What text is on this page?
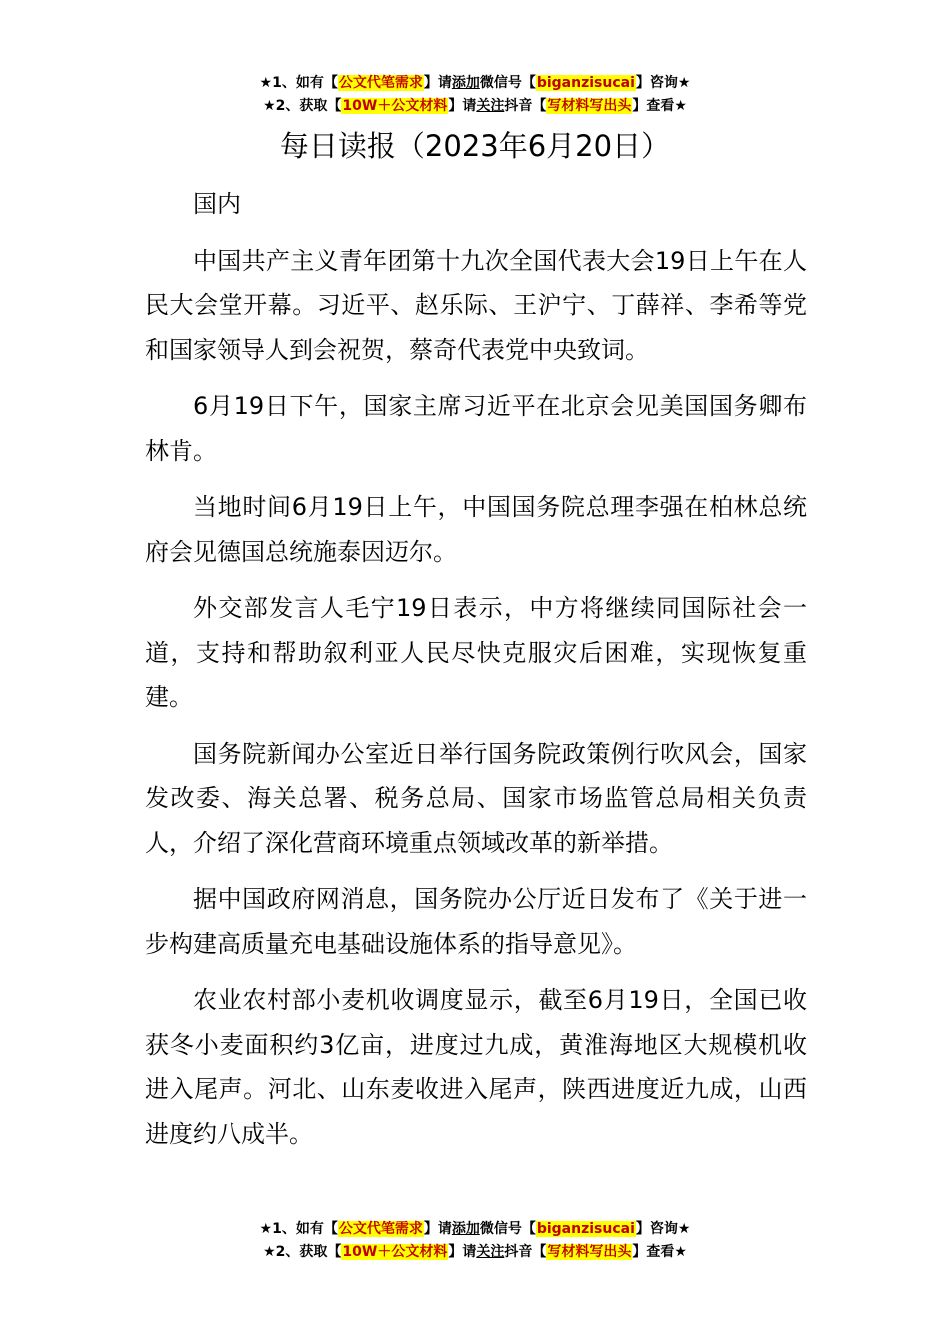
★1、如有【公文代笔需求】请添加微信号【biganzisucai】咨询★
★2、获取【10W＋公文材料】请关注抖音【写材料写出头】查看★
每日读报（2023年6月20日）

国内

中国共产主义青年团第十九次全国代表大会19日上午在人民大会堂开幕。习近平、赵乐际、王沪宁、丁薛祥、李希等党和国家领导人到会祝贺，蔡奇代表党中央致词。

6月19日下午，国家主席习近平在北京会见美国国务卿布林肯。

当地时间6月19日上午，中国国务院总理李强在柏林总统府会见德国总统施泰因迈尔。

外交部发言人毛宁19日表示，中方将继续同国际社会一道，支持和帮助叙利亚人民尽快克服灾后困难，实现恢复重建。

国务院新闻办公室近日举行国务院政策例行吹风会，国家发改委、海关总署、税务总局、国家市场监管总局相关负责人，介绍了深化营商环境重点领域改革的新举措。

据中国政府网消息，国务院办公厅近日发布了《关于进一步构建高质量充电基础设施体系的指导意见》。

农业农村部小麦机收调度显示，截至6月19日，全国已收获冬小麦面积约3亿亩，进度过九成，黄淮海地区大规模机收进入尾声。河北、山东麦收进入尾声，陕西进度近九成，山西进度约八成半。

★1、如有【公文代笔需求】请添加微信号【biganzisucai】咨询★
★2、获取【10W＋公文材料】请关注抖音【写材料写出头】查看★
